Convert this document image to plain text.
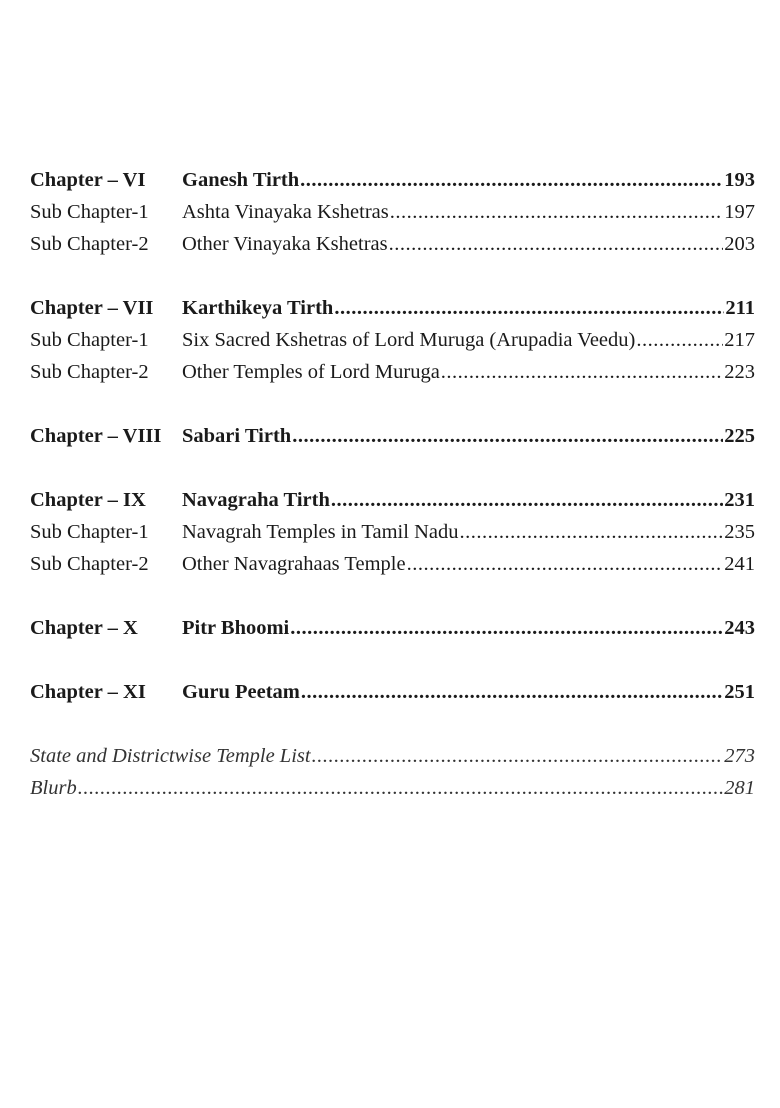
Chapter – VI	Ganesh Tirth .....	193
Sub Chapter-1	Ashta Vinayaka Kshetras .....	197
Sub Chapter-2	Other Vinayaka Kshetras .....	203
Chapter – VII	Karthikeya Tirth .....	211
Sub Chapter-1	Six Sacred Kshetras of Lord Muruga (Arupadia Veedu) .....	217
Sub Chapter-2	Other Temples of Lord Muruga .....	223
Chapter – VIII	Sabari Tirth .....	225
Chapter – IX	Navagraha Tirth .....	231
Sub Chapter-1	Navagrah Temples in Tamil Nadu .....	235
Sub Chapter-2	Other Navagrahaas Temple .....	241
Chapter – X	Pitr Bhoomi .....	243
Chapter – XI	Guru Peetam .....	251
State and Districtwise Temple List .....	273
Blurb .....	281
